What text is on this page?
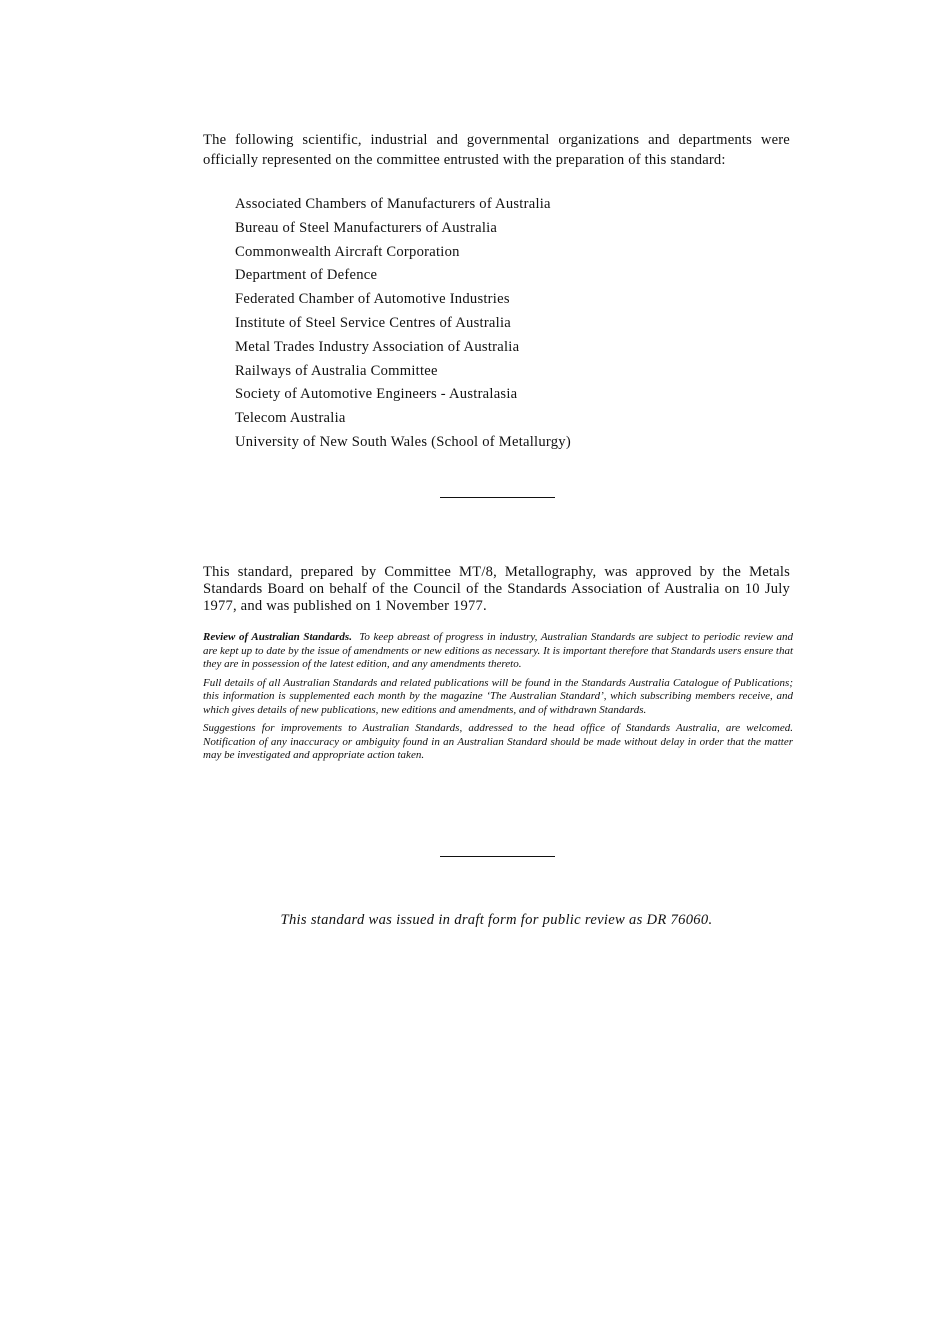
The following scientific, industrial and governmental organizations and departments were officially represented on the committee entrusted with the preparation of this standard:

Associated Chambers of Manufacturers of Australia
Bureau of Steel Manufacturers of Australia
Commonwealth Aircraft Corporation
Department of Defence
Federated Chamber of Automotive Industries
Institute of Steel Service Centres of Australia
Metal Trades Industry Association of Australia
Railways of Australia Committee
Society of Automotive Engineers - Australasia
Telecom Australia
University of New South Wales (School of Metallurgy)

This standard, prepared by Committee MT/8, Metallography, was approved by the Metals Standards Board on behalf of the Council of the Standards Association of Australia on 10 July 1977, and was published on 1 November 1977.

Review of Australian Standards. To keep abreast of progress in industry, Australian Standards are subject to periodic review and are kept up to date by the issue of amendments or new editions as necessary. It is important therefore that Standards users ensure that they are in possession of the latest edition, and any amendments thereto.

Full details of all Australian Standards and related publications will be found in the Standards Australia Catalogue of Publications; this information is supplemented each month by the magazine ‘The Australian Standard’, which subscribing members receive, and which gives details of new publications, new editions and amendments, and of withdrawn Standards.

Suggestions for improvements to Australian Standards, addressed to the head office of Standards Australia, are welcomed. Notification of any inaccuracy or ambiguity found in an Australian Standard should be made without delay in order that the matter may be investigated and appropriate action taken.

This standard was issued in draft form for public review as DR 76060.
